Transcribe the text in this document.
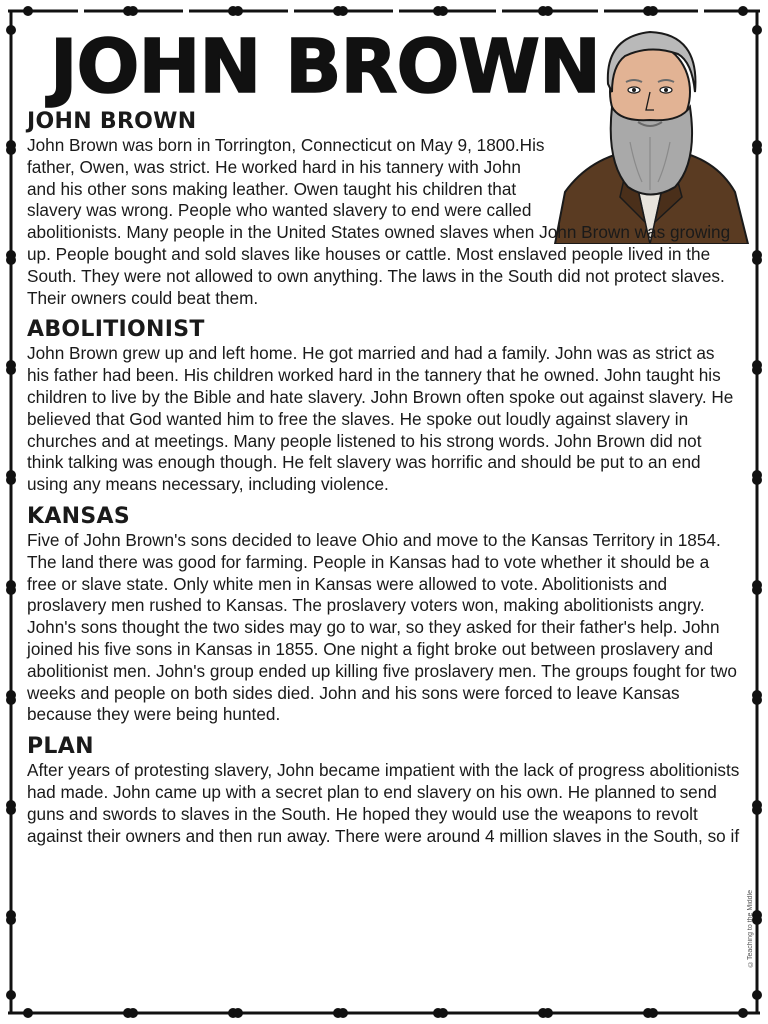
JOHN BROWN
JOHN BROWN

John Brown was born in Torrington, Connecticut on May 9, 1800.His father, Owen, was strict. He worked hard in his tannery with John and his other sons making leather. Owen taught his children that slavery was wrong. People who wanted slavery to end were called

abolitionists. Many people in the United States owned slaves when John Brown was growing up. People bought and sold slaves like houses or cattle. Most enslaved people lived in the South. They were not allowed to own anything. The laws in the South did not protect slaves. Their owners could beat them.

ABOLITIONIST

John Brown grew up and left home. He got married and had a family. John was as strict as his father had been. His children worked hard in the tannery that he owned. John taught his children to live by the Bible and hate slavery. John Brown often spoke out against slavery. He believed that God wanted him to free the slaves. He spoke out loudly against slavery in churches and at meetings. Many people listened to his strong words. John Brown did not think talking was enough though. He felt slavery was horrific and should be put to an end using any means necessary, including violence.

KANSAS

Five of John Brown's sons decided to leave Ohio and move to the Kansas Territory in 1854. The land there was good for farming. People in Kansas had to vote whether it should be a free or slave state. Only white men in Kansas were allowed to vote. Abolitionists and proslavery men rushed to Kansas. The proslavery voters won, making abolitionists angry. John's sons thought the two sides may go to war, so they asked for their father's help. John joined his five sons in Kansas in 1855. One night a fight broke out between proslavery and abolitionist men. John's group ended up killing five proslavery men. The groups fought for two weeks and people on both sides died. John and his sons were forced to leave Kansas because they were being hunted.

PLAN

After years of protesting slavery, John became impatient with the lack of progress abolitionists had made. John came up with a secret plan to end slavery on his own. He planned to send guns and swords to slaves in the South. He hoped they would use the weapons to revolt against their owners and then run away. There were around 4 million slaves in the South, so if

©Teaching to the Middle
